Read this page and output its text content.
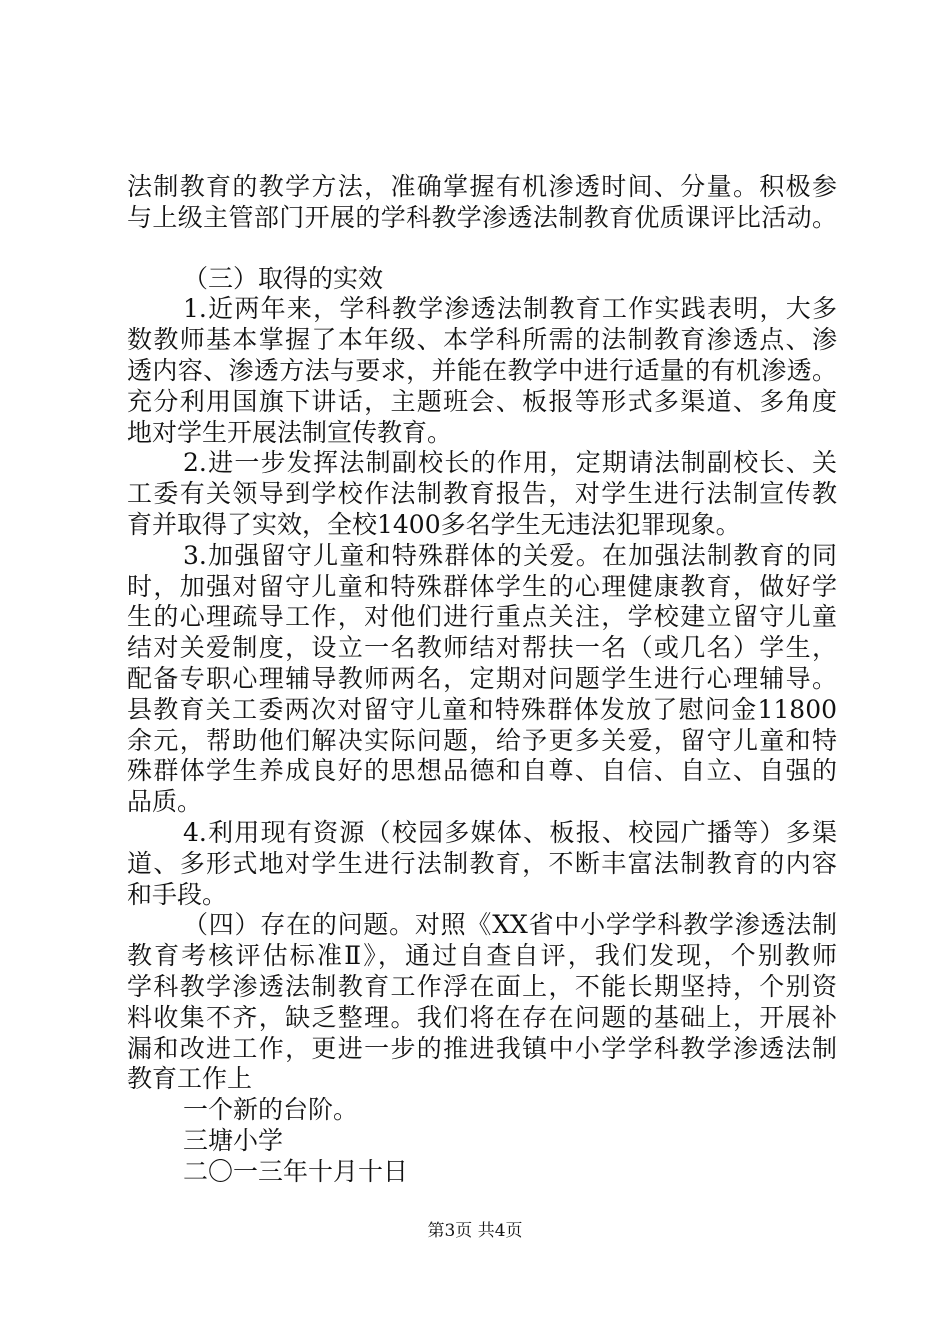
法制教育的教学方法，准确掌握有机渗透时间、分量。积极参
与上级主管部门开展的学科教学渗透法制教育优质课评比活动。
（三）取得的实效
1.近两年来，学科教学渗透法制教育工作实践表明，大多
数教师基本掌握了本年级、本学科所需的法制教育渗透点、渗
透内容、渗透方法与要求，并能在教学中进行适量的有机渗透。
充分利用国旗下讲话，主题班会、板报等形式多渠道、多角度
地对学生开展法制宣传教育。
2.进一步发挥法制副校长的作用，定期请法制副校长、关
工委有关领导到学校作法制教育报告，对学生进行法制宣传教
育并取得了实效，全校1400多名学生无违法犯罪现象。
3.加强留守儿童和特殊群体的关爱。在加强法制教育的同
时，加强对留守儿童和特殊群体学生的心理健康教育，做好学
生的心理疏导工作，对他们进行重点关注，学校建立留守儿童
结对关爱制度，设立一名教师结对帮扶一名（或几名）学生，
配备专职心理辅导教师两名，定期对问题学生进行心理辅导。
县教育关工委两次对留守儿童和特殊群体发放了慰问金11800
余元，帮助他们解决实际问题，给予更多关爱，留守儿童和特
殊群体学生养成良好的思想品德和自尊、自信、自立、自强的
品质。
4.利用现有资源（校园多媒体、板报、校园广播等）多渠
道、多形式地对学生进行法制教育，不断丰富法制教育的内容
和手段。
（四）存在的问题。对照《XX省中小学学科教学渗透法制
教育考核评估标准Ⅱ》，通过自查自评，我们发现，个别教师
学科教学渗透法制教育工作浮在面上，不能长期坚持，个别资
料收集不齐，缺乏整理。我们将在存在问题的基础上，开展补
漏和改进工作，更进一步的推进我镇中小学学科教学渗透法制
教育工作上
一个新的台阶。
三塘小学
二〇一三年十月十日
第3页 共4页
